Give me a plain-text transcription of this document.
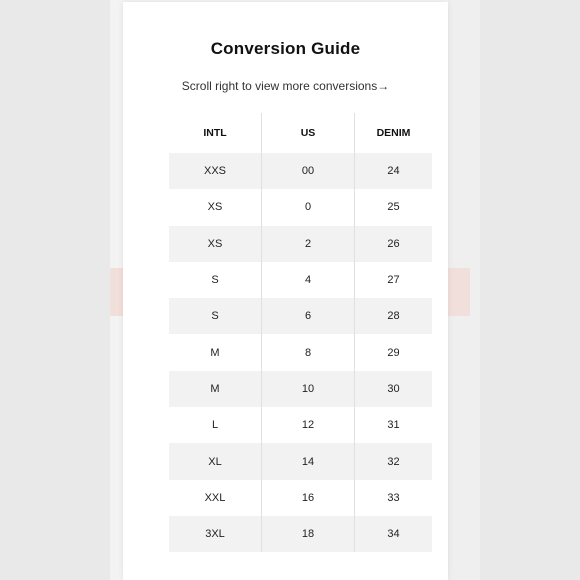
Conversion Guide
Scroll right to view more conversions→
INTL	US	DENIM
XXS	00	24
XS	0	25
XS	2	26
S	4	27
S	6	28
M	8	29
M	10	30
L	12	31
XL	14	32
XXL	16	33
3XL	18	34
